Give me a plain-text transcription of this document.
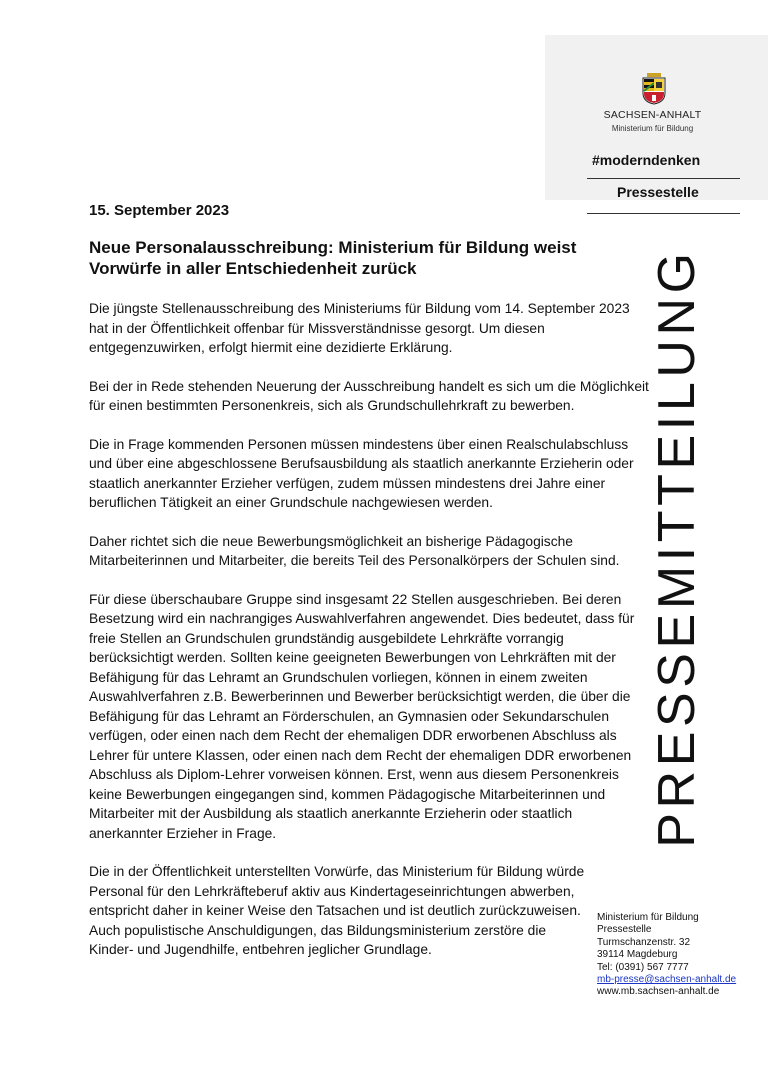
SACHSEN-ANHALT
Ministerium für Bildung
#moderndenken
Pressestelle
15. September 2023
Neue Personalausschreibung: Ministerium für Bildung weist Vorwürfe in aller Entschiedenheit zurück

Die jüngste Stellenausschreibung des Ministeriums für Bildung vom 14. September 2023 hat in der Öffentlichkeit offenbar für Missverständnisse gesorgt. Um diesen entgegenzuwirken, erfolgt hiermit eine dezidierte Erklärung.

Bei der in Rede stehenden Neuerung der Ausschreibung handelt es sich um die Möglichkeit für einen bestimmten Personenkreis, sich als Grundschullehrkraft zu bewerben.

Die in Frage kommenden Personen müssen mindestens über einen Realschulabschluss und über eine abgeschlossene Berufsausbildung als staatlich anerkannte Erzieherin oder staatlich anerkannter Erzieher verfügen, zudem müssen mindestens drei Jahre einer beruflichen Tätigkeit an einer Grundschule nachgewiesen werden.

Daher richtet sich die neue Bewerbungsmöglichkeit an bisherige Pädagogische Mitarbeiterinnen und Mitarbeiter, die bereits Teil des Personalkörpers der Schulen sind.

Für diese überschaubare Gruppe sind insgesamt 22 Stellen ausgeschrieben. Bei deren Besetzung wird ein nachrangiges Auswahlverfahren angewendet. Dies bedeutet, dass für freie Stellen an Grundschulen grundständig ausgebildete Lehrkräfte vorrangig berücksichtigt werden. Sollten keine geeigneten Bewerbungen von Lehrkräften mit der Befähigung für das Lehramt an Grundschulen vorliegen, können in einem zweiten Auswahlverfahren z.B. Bewerberinnen und Bewerber berücksichtigt werden, die über die Befähigung für das Lehramt an Förderschulen, an Gymnasien oder Sekundarschulen verfügen, oder einen nach dem Recht der ehemaligen DDR erworbenen Abschluss als Lehrer für untere Klassen, oder einen nach dem Recht der ehemaligen DDR erworbenen Abschluss als Diplom-Lehrer vorweisen können. Erst, wenn aus diesem Personenkreis keine Bewerbungen eingegangen sind, kommen Pädagogische Mitarbeiterinnen und Mitarbeiter mit der Ausbildung als staatlich anerkannte Erzieherin oder staatlich anerkannter Erzieher in Frage.

Die in der Öffentlichkeit unterstellten Vorwürfe, das Ministerium für Bildung würde Personal für den Lehrkräfteberuf aktiv aus Kindertageseinrichtungen abwerben, entspricht daher in keiner Weise den Tatsachen und ist deutlich zurückzuweisen. Auch populistische Anschuldigungen, das Bildungsministerium zerstöre die Kinder- und Jugendhilfe, entbehren jeglicher Grundlage.

PRESSEMITTEILUNG
Ministerium für Bildung
Pressestelle
Turmschanzenstr. 32
39114 Magdeburg
Tel: (0391) 567 7777
mb-presse@sachsen-anhalt.de
www.mb.sachsen-anhalt.de
